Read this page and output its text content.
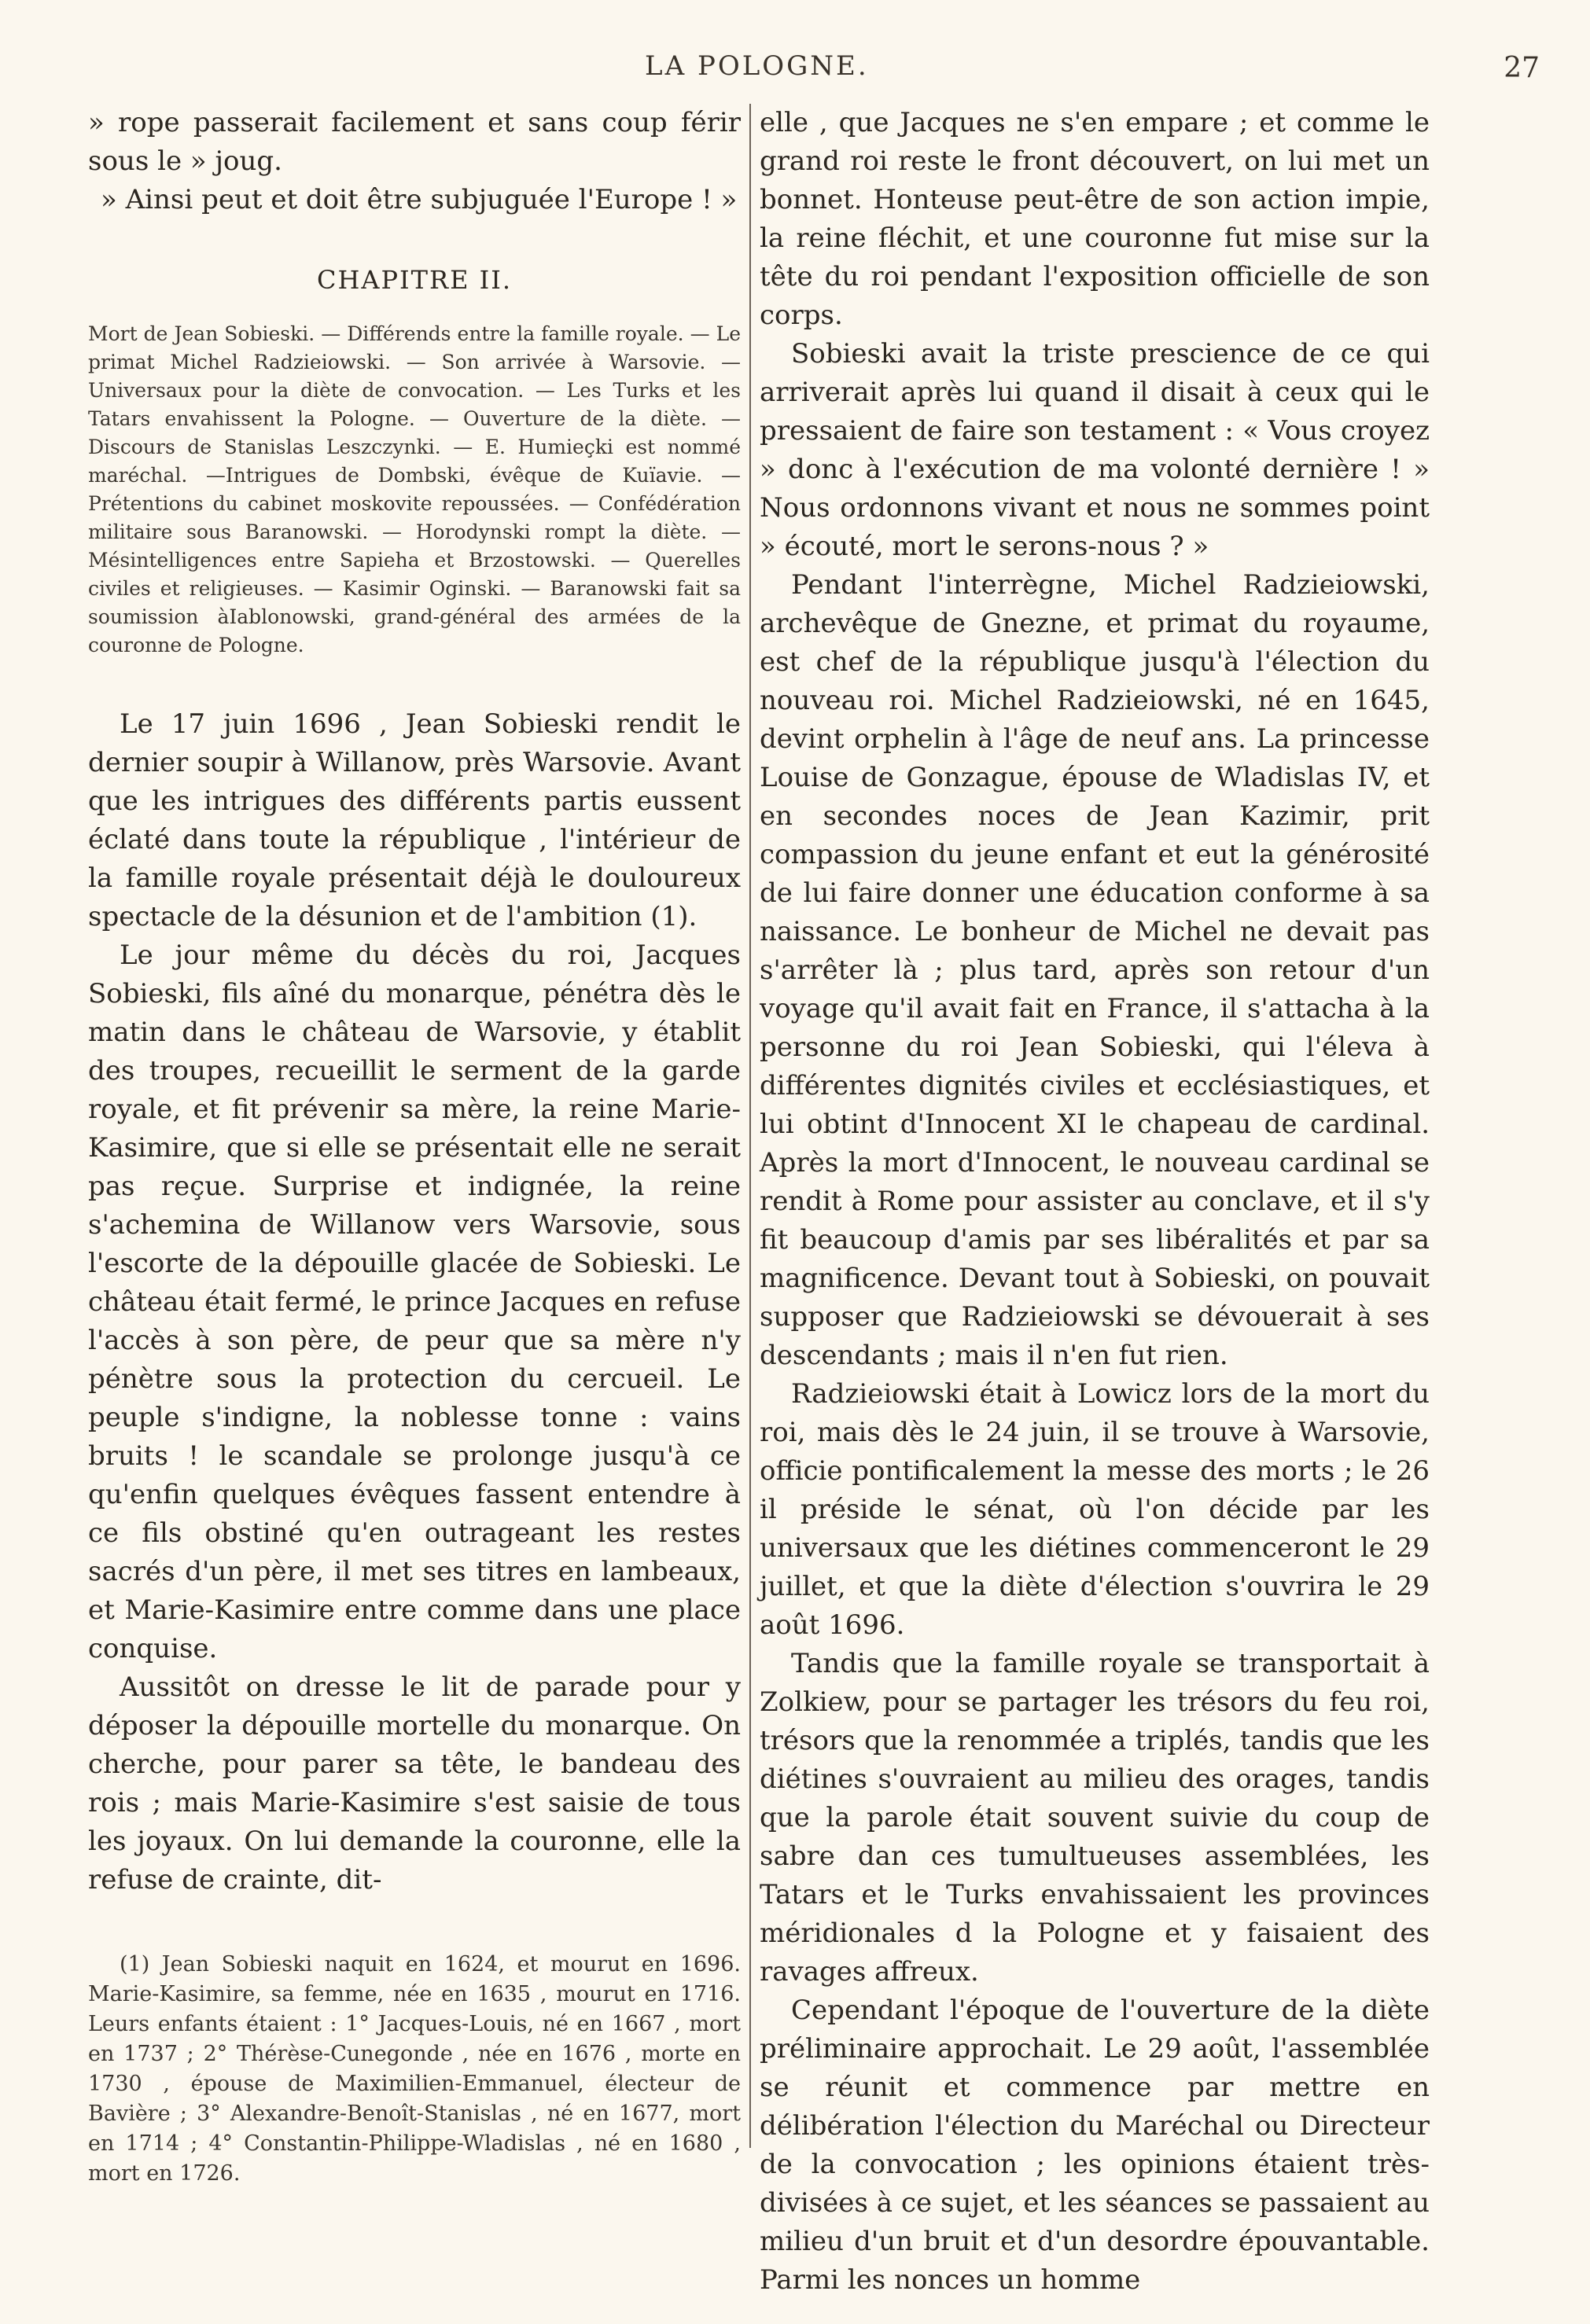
LA POLOGNE.	27

» rope passerait facilement et sans coup férir sous le » joug.

» Ainsi peut et doit être subjuguée l'Europe ! »

CHAPITRE II.

Mort de Jean Sobieski. — Différends entre la famille royale. — Le primat Michel Radzieiowski. — Son arrivée à Warsovie. — Universaux pour la diète de convocation. — Les Turks et les Tatars envahissent la Pologne. — Ouverture de la diète. — Discours de Stanislas Leszczynki. — E. Humieçki est nommé maréchal. —Intrigues de Dombski, évêque de Kuïavie. — Prétentions du cabinet moskovite repoussées. — Confédération militaire sous Baranowski. — Horodynski rompt la diète. — Mésintelligences entre Sapieha et Brzostowski. — Querelles civiles et religieuses. — Kasimir Oginski. — Baranowski fait sa soumission àIablonowski, grand-général des armées de la couronne de Pologne.

Le 17 juin 1696 , Jean Sobieski rendit le dernier soupir à Willanow, près Warsovie. Avant que les intrigues des différents partis eussent éclaté dans toute la république , l'intérieur de la famille royale présentait déjà le douloureux spectacle de la désunion et de l'ambition (1).

Le jour même du décès du roi, Jacques Sobieski, fils aîné du monarque, pénétra dès le matin dans le château de Warsovie, y établit des troupes, recueillit le serment de la garde royale, et fit prévenir sa mère, la reine Marie-Kasimire, que si elle se présentait elle ne serait pas reçue. Surprise et indignée, la reine s'achemina de Willanow vers Warsovie, sous l'escorte de la dépouille glacée de Sobieski. Le château était fermé, le prince Jacques en refuse l'accès à son père, de peur que sa mère n'y pénètre sous la protection du cercueil. Le peuple s'indigne, la noblesse tonne : vains bruits ! le scandale se prolonge jusqu'à ce qu'enfin quelques évêques fassent entendre à ce fils obstiné qu'en outrageant les restes sacrés d'un père, il met ses titres en lambeaux, et Marie-Kasimire entre comme dans une place conquise.

Aussitôt on dresse le lit de parade pour y déposer la dépouille mortelle du monarque. On cherche, pour parer sa tête, le bandeau des rois ; mais Marie-Kasimire s'est saisie de tous les joyaux. On lui demande la couronne, elle la refuse de crainte, dit-

(1) Jean Sobieski naquit en 1624, et mourut en 1696. Marie-Kasimire, sa femme, née en 1635 , mourut en 1716. Leurs enfants étaient : 1° Jacques-Louis, né en 1667 , mort en 1737 ; 2° Thérèse-Cunegonde , née en 1676 , morte en 1730 , épouse de Maximilien-Emmanuel, électeur de Bavière ; 3° Alexandre-Benoît-Stanislas , né en 1677, mort en 1714 ; 4° Constantin-Philippe-Wladislas , né en 1680 , mort en 1726.

elle , que Jacques ne s'en empare ; et comme le grand roi reste le front découvert, on lui met un bonnet. Honteuse peut-être de son action impie, la reine fléchit, et une couronne fut mise sur la tête du roi pendant l'exposition officielle de son corps.

Sobieski avait la triste prescience de ce qui arriverait après lui quand il disait à ceux qui le pressaient de faire son testament : « Vous croyez » donc à l'exécution de ma volonté dernière ! » Nous ordonnons vivant et nous ne sommes point » écouté, mort le serons-nous ? »

Pendant l'interrègne, Michel Radzieiowski, archevêque de Gnezne, et primat du royaume, est chef de la république jusqu'à l'élection du nouveau roi. Michel Radzieiowski, né en 1645, devint orphelin à l'âge de neuf ans. La princesse Louise de Gonzague, épouse de Wladislas IV, et en secondes noces de Jean Kazimir, prit compassion du jeune enfant et eut la générosité de lui faire donner une éducation conforme à sa naissance. Le bonheur de Michel ne devait pas s'arrêter là ; plus tard, après son retour d'un voyage qu'il avait fait en France, il s'attacha à la personne du roi Jean Sobieski, qui l'éleva à différentes dignités civiles et ecclésiastiques, et lui obtint d'Innocent XI le chapeau de cardinal. Après la mort d'Innocent, le nouveau cardinal se rendit à Rome pour assister au conclave, et il s'y fit beaucoup d'amis par ses libéralités et par sa magnificence. Devant tout à Sobieski, on pouvait supposer que Radzieiowski se dévouerait à ses descendants ; mais il n'en fut rien.

Radzieiowski était à Lowicz lors de la mort du roi, mais dès le 24 juin, il se trouve à Warsovie, officie pontificalement la messe des morts ; le 26 il préside le sénat, où l'on décide par les universaux que les diétines commenceront le 29 juillet, et que la diète d'élection s'ouvrira le 29 août 1696.

Tandis que la famille royale se transportait à Zolkiew, pour se partager les trésors du feu roi, trésors que la renommée a triplés, tandis que les diétines s'ouvraient au milieu des orages, tandis que la parole était souvent suivie du coup de sabre dan ces tumultueuses assemblées, les Tatars et le Turks envahissaient les provinces méridionales d la Pologne et y faisaient des ravages affreux.

Cependant l'époque de l'ouverture de la diète préliminaire approchait. Le 29 août, l'assemblée se réunit et commence par mettre en délibération l'élection du Maréchal ou Directeur de la convocation ; les opinions étaient très-divisées à ce sujet, et les séances se passaient au milieu d'un bruit et d'un desordre épouvantable. Parmi les nonces un homme
